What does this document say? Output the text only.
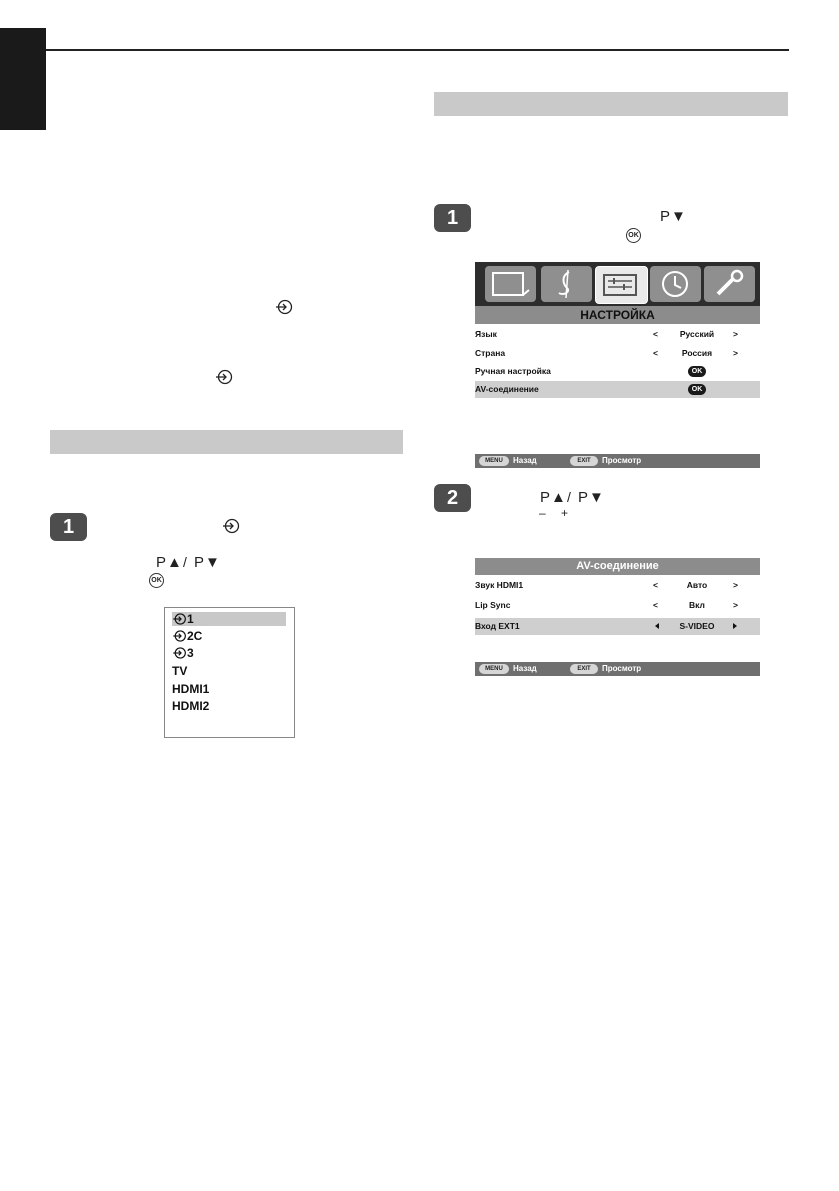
1
P▲ / P▼
OK
1
2C
3
TV
HDMI1
HDMI2
1	P▼
OK
НАСТРОЙКА
Язык	<	Русский	>
Страна	<	Россия	>
Ручная настройка	OK
AV-соединение	OK
MENU	Назад	EXIT	Просмотр
2	P▲ / P▼
– +
AV-соединение
Звук HDMI1	<	Авто	>
Lip Sync	<	Вкл	>
Вход EXT1	S-VIDEO
MENU	Назад	EXIT	Просмотр
